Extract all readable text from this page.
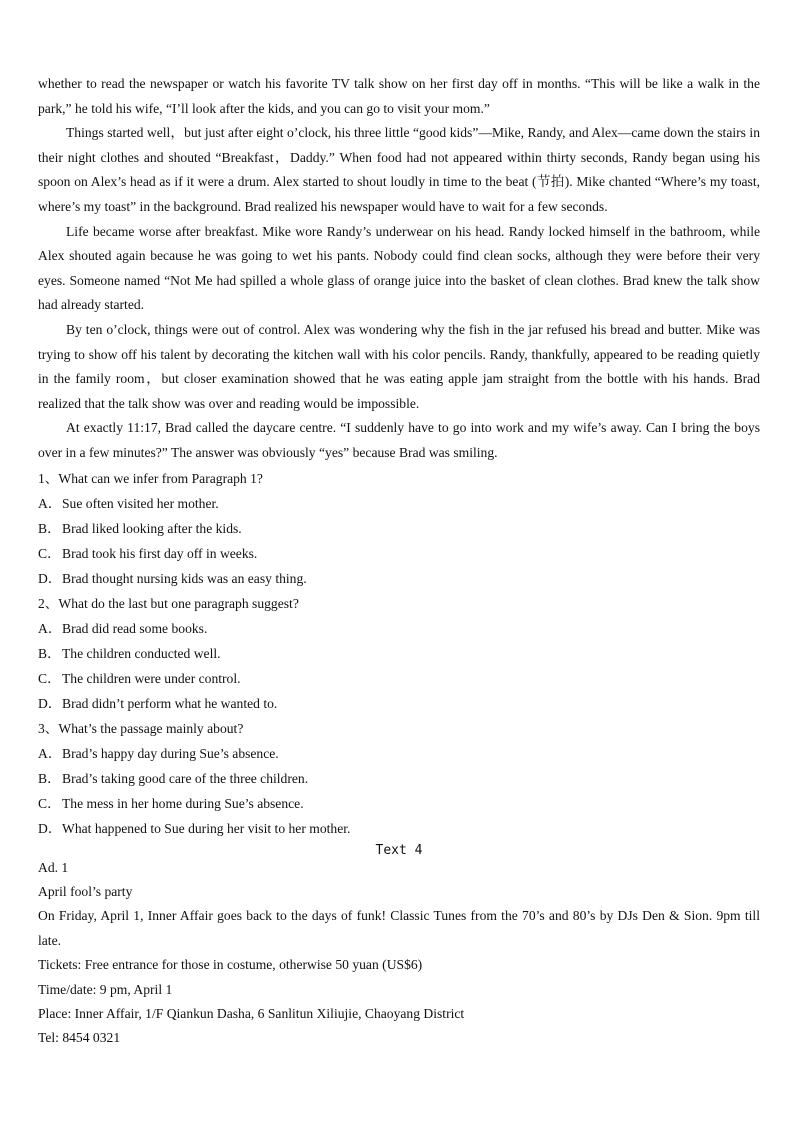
whether to read the newspaper or watch his favorite TV talk show on her first day off in months. “This will be like a walk in the park,” he told his wife, “I’ll look after the kids, and you can go to visit your mom.”

Things started well，but just after eight o’clock, his three little “good kids”—Mike, Randy, and Alex—came down the stairs in their night clothes and shouted “Breakfast，Daddy.” When food had not appeared within thirty seconds, Randy began using his spoon on Alex’s head as if it were a drum. Alex started to shout loudly in time to the beat (节拍). Mike chanted “Where’s my toast, where’s my toast” in the background. Brad realized his newspaper would have to wait for a few seconds.

Life became worse after breakfast. Mike wore Randy’s underwear on his head. Randy locked himself in the bathroom, while Alex shouted again because he was going to wet his pants. Nobody could find clean socks, although they were before their very eyes. Someone named “Not Me had spilled a whole glass of orange juice into the basket of clean clothes. Brad knew the talk show had already started.

By ten o’clock, things were out of control. Alex was wondering why the fish in the jar refused his bread and butter. Mike was trying to show off his talent by decorating the kitchen wall with his color pencils. Randy, thankfully, appeared to be reading quietly in the family room，but closer examination showed that he was eating apple jam straight from the bottle with his hands. Brad realized that the talk show was over and reading would be impossible.

At exactly 11:17, Brad called the daycare centre. “I suddenly have to go into work and my wife’s away. Can I bring the boys over in a few minutes?” The answer was obviously “yes” because Brad was smiling.

1、What can we infer from Paragraph 1?

A．Sue often visited her mother.

B．Brad liked looking after the kids.

C．Brad took his first day off in weeks.

D．Brad thought nursing kids was an easy thing.

2、What do the last but one paragraph suggest?

A．Brad did read some books.

B．The children conducted well.

C．The children were under control.

D．Brad didn’t perform what he wanted to.

3、What’s the passage mainly about?

A．Brad’s happy day during Sue’s absence.

B．Brad’s taking good care of the three children.

C．The mess in her home during Sue’s absence.

D．What happened to Sue during her visit to her mother.

Text 4

Ad. 1

April fool’s party

On Friday, April 1, Inner Affair goes back to the days of funk! Classic Tunes from the 70’s and 80’s by DJs Den & Sion. 9pm till late.

Tickets: Free entrance for those in costume, otherwise 50 yuan (US$6)

Time/date: 9 pm, April 1

Place: Inner Affair, 1/F Qiankun Dasha, 6 Sanlitun Xiliujie, Chaoyang District

Tel: 8454 0321
